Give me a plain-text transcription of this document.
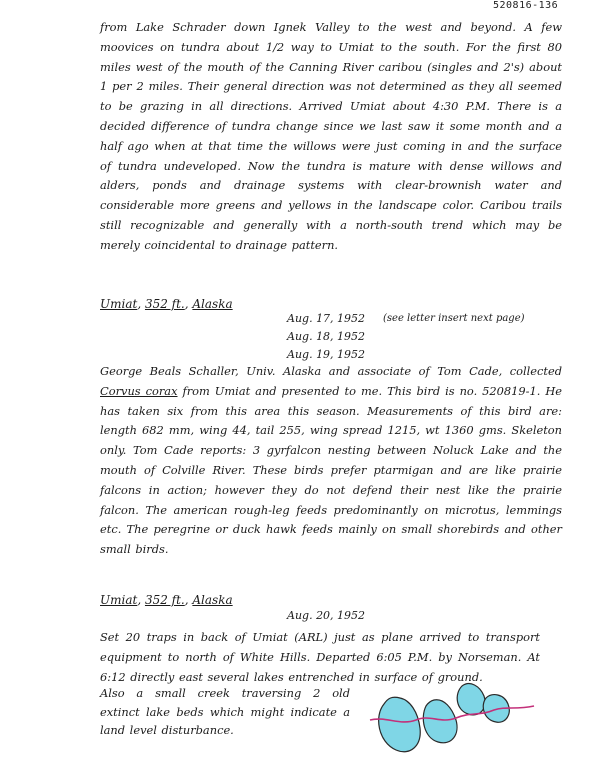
520816-136
from Lake Schrader down Ignek Valley to the west and beyond. A few moovices on tundra about 1/2 way to Umiat to the south. For the first 80 miles west of the mouth of the Canning River caribou (singles and 2's) about 1 per 2 miles. Their general direction was not determined as they all seemed to be grazing in all directions. Arrived Umiat about 4:30 P.M. There is a decided difference of tundra change since we last saw it some month and a half ago when at that time the willows were just coming in and the surface of tundra undeveloped. Now the tundra is mature with dense willows and alders, ponds and drainage systems with clear-brownish water and considerable more greens and yellows in the landscape color. Caribou trails still recognizable and generally with a north-south trend which may be merely coincidental to drainage pattern.
Umiat, 352 ft., Alaska
Aug. 17, 1952 (see letter insert next page)
Aug. 18, 1952
Aug. 19, 1952
George Beals Schaller, Univ. Alaska and associate of Tom Cade, collected Corvus corax from Umiat and presented to me. This bird is no. 520819-1. He has taken six from this area this season. Measurements of this bird are: length 682 mm, wing 44, tail 255, wing spread 1215, wt 1360 gms. Skeleton only. Tom Cade reports: 3 gyrfalcon nesting between Noluck Lake and the mouth of Colville River. These birds prefer ptarmigan and are like prairie falcons in action; however they do not defend their nest like the prairie falcon. The american rough-leg feeds predominantly on microtus, lemmings etc. The peregrine or duck hawk feeds mainly on small shorebirds and other small birds.
Umiat, 352 ft., Alaska
Aug. 20, 1952
Set 20 traps in back of Umiat (ARL) just as plane arrived to transport equipment to north of White Hills. Departed 6:05 P.M. by Norseman. At 6:12 directly east several lakes entrenched in surface of ground.
Also a small creek traversing 2 old extinct lake beds which might indicate a land level disturbance.
